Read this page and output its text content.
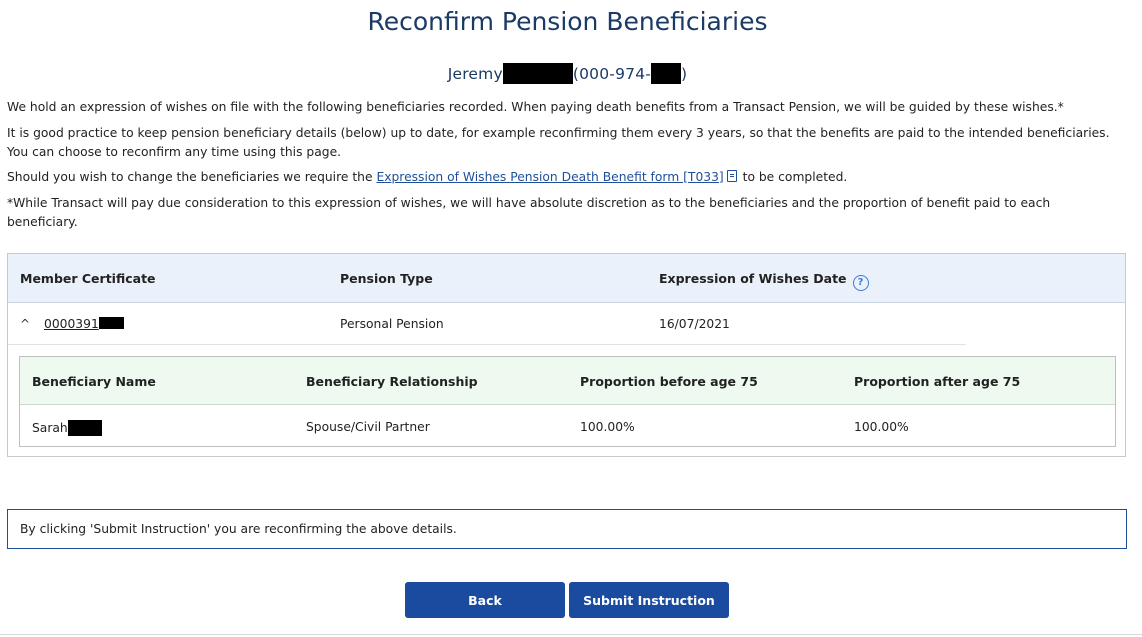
Reconfirm Pension Beneficiaries
Jeremy	(000-974- )

We hold an expression of wishes on file with the following beneficiaries recorded. When paying death benefits from a Transact Pension, we will be guided by these wishes.*

It is good practice to keep pension beneficiary details (below) up to date, for example reconfirming them every 3 years, so that the benefits are paid to the intended beneficiaries. You can choose to reconfirm any time using this page.

Should you wish to change the beneficiaries we require the Expression of Wishes Pension Death Benefit form [T033] to be completed.

*While Transact will pay due consideration to this expression of wishes, we will have absolute discretion as to the beneficiaries and the proportion of benefit paid to each beneficiary.

Member Certificate	Pension Type	Expression of Wishes Date ?
^ 0000391	Personal Pension	16/07/2021
Beneficiary Name	Beneficiary Relationship	Proportion before age 75	Proportion after age 75
Sarah	Spouse/Civil Partner	100.00%	100.00%
By clicking 'Submit Instruction' you are reconfirming the above details.
Back	Submit Instruction
